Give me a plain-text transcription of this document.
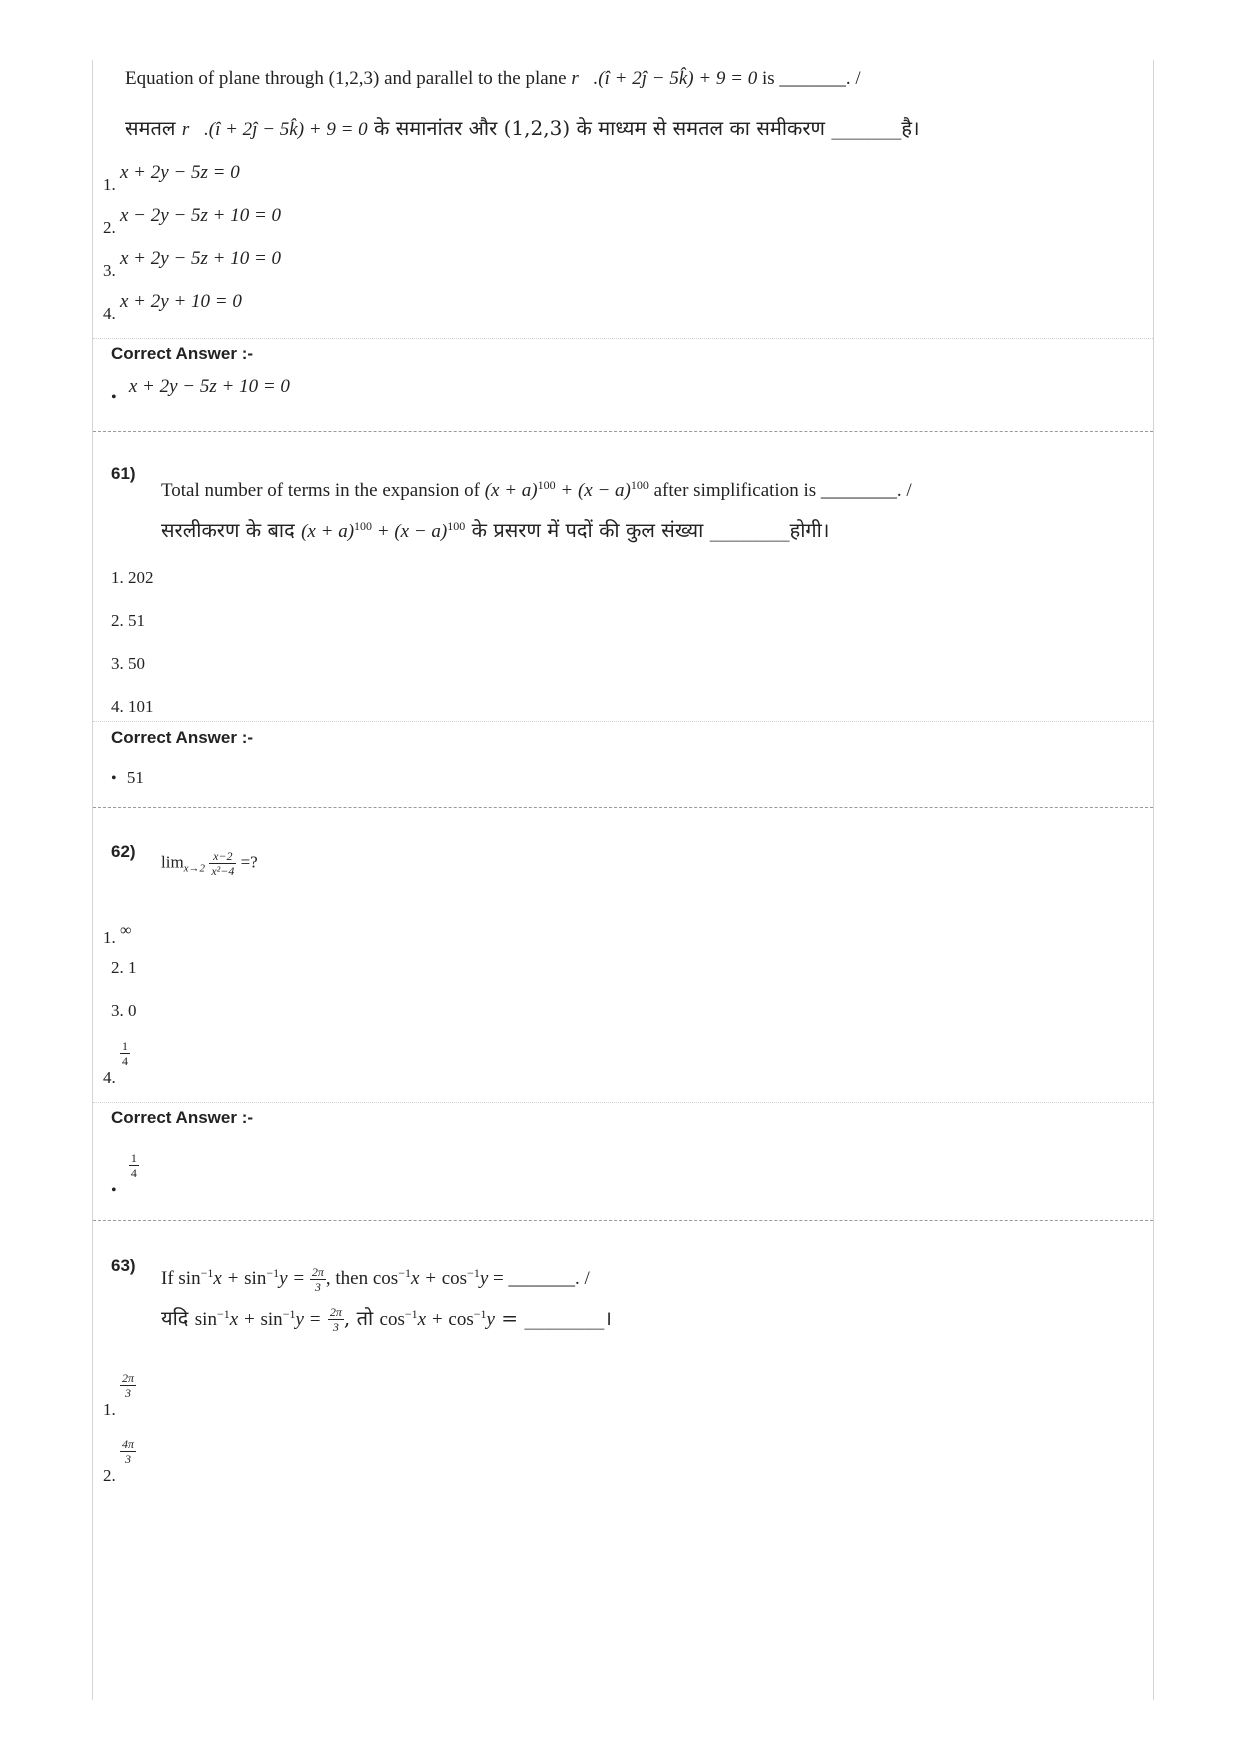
Equation of plane through (1,2,3) and parallel to the plane r⃗.(î + 2ĵ − 5k̂) + 9 = 0 is _______. /
समतल r⃗.(î + 2ĵ − 5k̂) + 9 = 0 के समानांतर और (1,2,3) के माध्यम से समतल का समीकरण _______है।
1. x + 2y − 5z = 0
2. x − 2y − 5z + 10 = 0
3. x + 2y − 5z + 10 = 0
4. x + 2y + 10 = 0
Correct Answer :-
• x + 2y − 5z + 10 = 0
61)
Total number of terms in the expansion of $(x + a)^{100} + (x - a)^{100}$ after simplification is ________. /
सरलीकरण के बाद $(x + a)^{100} + (x - a)^{100}$ के प्रसरण में पदों की कुल संख्या ________होगी।
1. 202
2. 51
3. 50
4. 101
Correct Answer :-
• 51
62)
$\lim_{x\to 2} \frac{x-2}{\text{x²−4}}$ =?
1. ∞
2. 1
3. 0
4.
$\frac{1}{4}$
Correct Answer :-
•
$\frac{1}{4}$
63)
If $\sin^{-1}x + \sin^{-1}y = \frac{2\pi}{3}$ , then $\cos^{-1}x + \cos^{-1}y$ = _______. /
यदि $\sin^{-1}x + \sin^{-1}y = \frac{2\pi}{3}$ , तो $\cos^{-1}x + \cos^{-1}y$ = ________।
1.
$\frac{2\pi}{3}$
2.
$\frac{4\pi}{3}$
